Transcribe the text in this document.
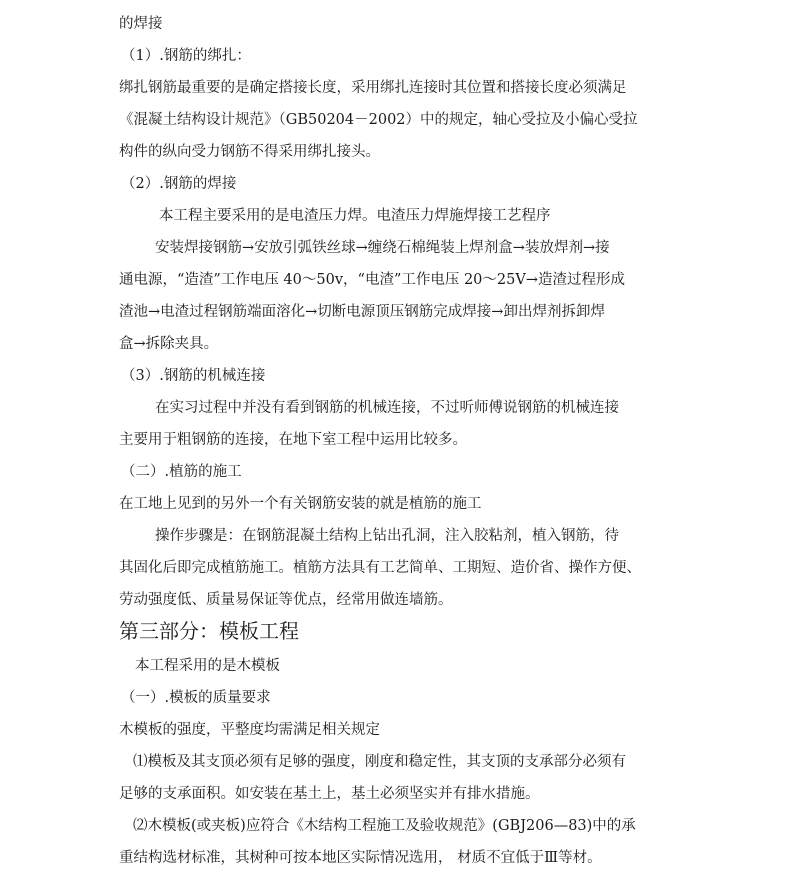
的焊接
（1）.钢筋的绑扎：
绑扎钢筋最重要的是确定搭接长度，采用绑扎连接时其位置和搭接长度必须满足
《混凝土结构设计规范》（GB50204－2002）中的规定，轴心受拉及小偏心受拉
构件的纵向受力钢筋不得采用绑扎接头。
（2）.钢筋的焊接
本工程主要采用的是电渣压力焊。电渣压力焊施焊接工艺程序
安装焊接钢筋→安放引弧铁丝球→缠绕石棉绳装上焊剂盒→装放焊剂→接
通电源，“造渣”工作电压 40～50v，“电渣”工作电压 20～25V→造渣过程形成
渣池→电渣过程钢筋端面溶化→切断电源顶压钢筋完成焊接→卸出焊剂拆卸焊
盒→拆除夹具。
（3）.钢筋的机械连接
在实习过程中并没有看到钢筋的机械连接，不过听师傅说钢筋的机械连接
主要用于粗钢筋的连接，在地下室工程中运用比较多。
（二）.植筋的施工
在工地上见到的另外一个有关钢筋安装的就是植筋的施工
操作步骤是：在钢筋混凝土结构上钻出孔洞，注入胶粘剂，植入钢筋，待
其固化后即完成植筋施工。植筋方法具有工艺简单、工期短、造价省、操作方便、
劳动强度低、质量易保证等优点，经常用做连墙筋。
第三部分：模板工程
本工程采用的是木模板
（一）.模板的质量要求
木模板的强度，平整度均需满足相关规定
⑴模板及其支顶必须有足够的强度，刚度和稳定性，其支顶的支承部分必须有
足够的支承面积。如安装在基土上，基土必须坚实并有排水措施。
⑵木模板(或夹板)应符合《木结构工程施工及验收规范》(GBJ206—83)中的承
重结构选材标准，其树种可按本地区实际情况选用， 材质不宜低于Ⅲ等材。
